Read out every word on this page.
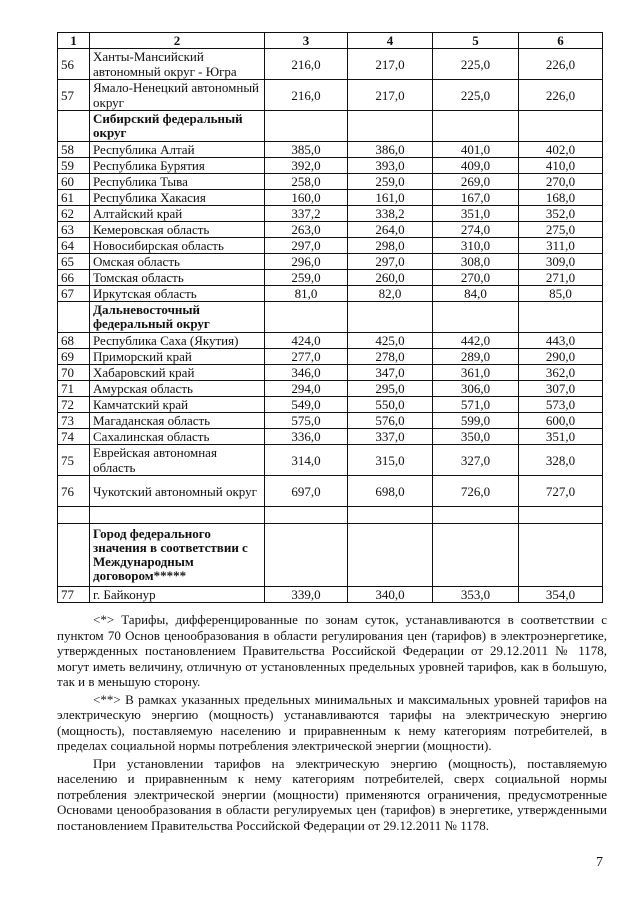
1	2	3	4	5	6
56	Ханты-Мансийский автономный округ - Югра	216,0	217,0	225,0	226,0
57	Ямало-Ненецкий автономный округ	216,0	217,0	225,0	226,0
	Сибирский федеральный округ				
58	Республика Алтай	385,0	386,0	401,0	402,0
59	Республика Бурятия	392,0	393,0	409,0	410,0
60	Республика Тыва	258,0	259,0	269,0	270,0
61	Республика Хакасия	160,0	161,0	167,0	168,0
62	Алтайский край	337,2	338,2	351,0	352,0
63	Кемеровская область	263,0	264,0	274,0	275,0
64	Новосибирская область	297,0	298,0	310,0	311,0
65	Омская область	296,0	297,0	308,0	309,0
66	Томская область	259,0	260,0	270,0	271,0
67	Иркутская область	81,0	82,0	84,0	85,0
	Дальневосточный федеральный округ				
68	Республика Саха (Якутия)	424,0	425,0	442,0	443,0
69	Приморский край	277,0	278,0	289,0	290,0
70	Хабаровский край	346,0	347,0	361,0	362,0
71	Амурская область	294,0	295,0	306,0	307,0
72	Камчатский край	549,0	550,0	571,0	573,0
73	Магаданская область	575,0	576,0	599,0	600,0
74	Сахалинская область	336,0	337,0	350,0	351,0
75	Еврейская автономная область	314,0	315,0	327,0	328,0
76	Чукотский автономный округ	697,0	698,0	726,0	727,0

	Город федерального значения в соответствии с Международным договором*****				
77	г. Байконур	339,0	340,0	353,0	354,0

<*> Тарифы, дифференцированные по зонам суток, устанавливаются в соответствии с пунктом 70 Основ ценообразования в области регулирования цен (тарифов) в электроэнергетике, утвержденных постановлением Правительства Российской Федерации от 29.12.2011 № 1178, могут иметь величину, отличную от установленных предельных уровней тарифов, как в большую, так и в меньшую сторону.

<**> В рамках указанных предельных минимальных и максимальных уровней тарифов на электрическую энергию (мощность) устанавливаются тарифы на электрическую энергию (мощность), поставляемую населению и приравненным к нему категориям потребителей, в пределах социальной нормы потребления электрической энергии (мощности).

При установлении тарифов на электрическую энергию (мощность), поставляемую населению и приравненным к нему категориям потребителей, сверх социальной нормы потребления электрической энергии (мощности) применяются ограничения, предусмотренные Основами ценообразования в области регулируемых цен (тарифов) в энергетике, утвержденными постановлением Правительства Российской Федерации от 29.12.2011 № 1178.

7
